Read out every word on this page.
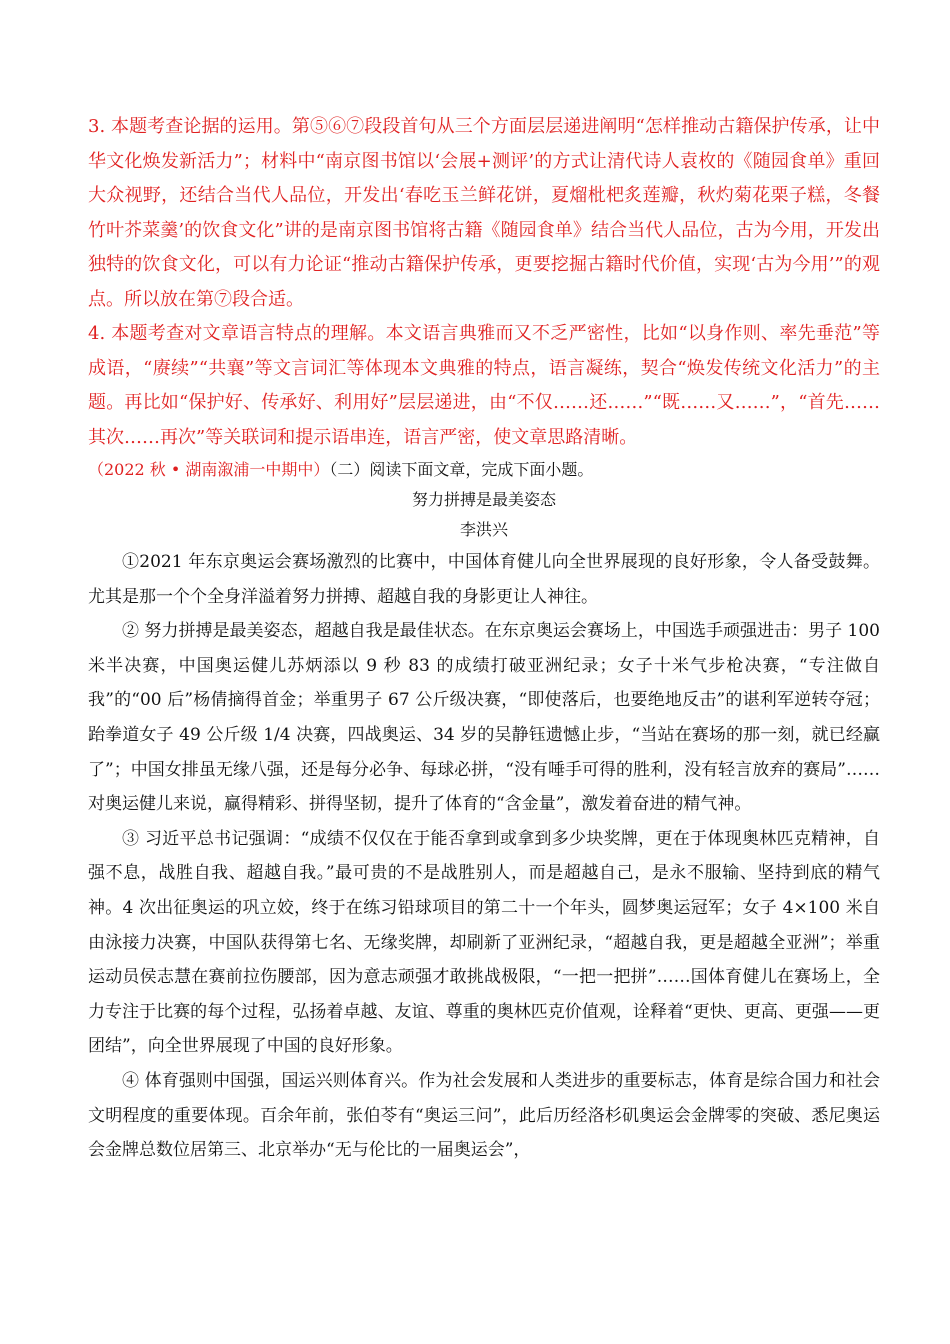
3. 本题考查论据的运用。第⑤⑥⑦段段首句从三个方面层层递进阐明“怎样推动古籍保护传承，让中华文化焕发新活力”；材料中“南京图书馆以‘会展+测评’的方式让清代诗人袁枚的《随园食单》重回大众视野，还结合当代人品位，开发出‘春吃玉兰鲜花饼，夏熘枇杷炙莲瓣，秋灼菊花栗子糕，冬餐竹叶芥菜羹’的饮食文化”讲的是南京图书馆将古籍《随园食单》结合当代人品位，古为今用，开发出独特的饮食文化，可以有力论证“推动古籍保护传承，更要挖掘古籍时代价值，实现‘古为今用’”的观点。所以放在第⑦段合适。

4. 本题考查对文章语言特点的理解。本文语言典雅而又不乏严密性，比如“以身作则、率先垂范”等成语，“赓续”“共襄”等文言词汇等体现本文典雅的特点，语言凝练，契合“焕发传统文化活力”的主题。再比如“保护好、传承好、利用好”层层递进，由“不仅……还……”“既……又……”，“首先……其次……再次”等关联词和提示语串连，语言严密，使文章思路清晰。

（2022 秋 • 湖南溆浦一中期中）（二）阅读下面文章，完成下面小题。

努力拼搏是最美姿态

李洪兴

①2021 年东京奥运会赛场激烈的比赛中，中国体育健儿向全世界展现的良好形象，令人备受鼓舞。尤其是那一个个全身洋溢着努力拼搏、超越自我的身影更让人神往。

② 努力拼搏是最美姿态，超越自我是最佳状态。在东京奥运会赛场上，中国选手顽强进击：男子 100 米半决赛，中国奥运健儿苏炳添以 9 秒 83 的成绩打破亚洲纪录；女子十米气步枪决赛，“专注做自我”的“00 后”杨倩摘得首金；举重男子 67 公斤级决赛，“即使落后，也要绝地反击”的谌利军逆转夺冠；跆拳道女子 49 公斤级 1/4 决赛，四战奥运、34 岁的吴静钰遗憾止步，“当站在赛场的那一刻，就已经赢了”；中国女排虽无缘八强，还是每分必争、每球必拼，“没有唾手可得的胜利，没有轻言放弃的赛局”……对奥运健儿来说，赢得精彩、拼得坚韧，提升了体育的“含金量”，激发着奋进的精气神。

③ 习近平总书记强调：“成绩不仅仅在于能否拿到或拿到多少块奖牌，更在于体现奥林匹克精神，自强不息，战胜自我、超越自我。”最可贵的不是战胜别人，而是超越自己，是永不服输、坚持到底的精气神。4 次出征奥运的巩立姣，终于在练习铅球项目的第二十一个年头，圆梦奥运冠军；女子 4×100 米自由泳接力决赛，中国队获得第七名、无缘奖牌，却刷新了亚洲纪录，“超越自我，更是超越全亚洲”；举重运动员侯志慧在赛前拉伤腰部，因为意志顽强才敢挑战极限，“一把一把拼”……国体育健儿在赛场上，全力专注于比赛的每个过程，弘扬着卓越、友谊、尊重的奥林匹克价值观，诠释着“更快、更高、更强——更团结”，向全世界展现了中国的良好形象。

④ 体育强则中国强，国运兴则体育兴。作为社会发展和人类进步的重要标志，体育是综合国力和社会文明程度的重要体现。百余年前，张伯苓有“奥运三问”，此后历经洛杉矶奥运会金牌零的突破、悉尼奥运会金牌总数位居第三、北京举办“无与伦比的一届奥运会”，
